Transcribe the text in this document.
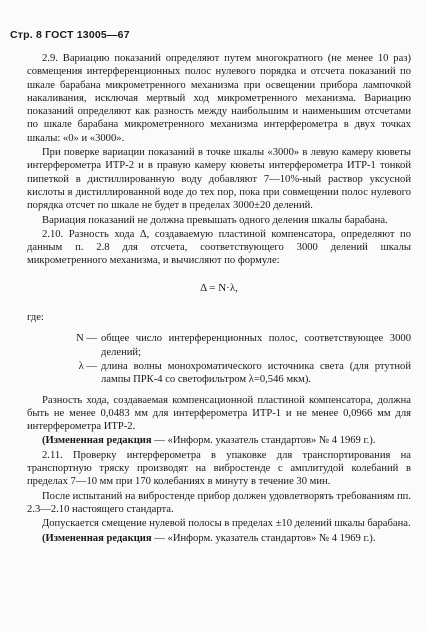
Стр. 8 ГОСТ 13005—67

2.9. Вариацию показаний определяют путем многократного (не менее 10 раз) совмещения интерференционных полос нулевого порядка и отсчета показаний по шкале барабана микрометренного механизма при освещении прибора лампочкой накаливания, исключая мертвый ход микрометренного механизма. Вариацию показаний определяют как разность между наибольшим и наименьшим отсчетами по шкале барабана микрометренного механизма интерферометра в двух точках шкалы: «0» и «3000».

При поверке вариации показаний в точке шкалы «3000» в левую камеру кюветы интерферометра ИТР-2 и в правую камеру кюветы интерферометра ИТР-1 тонкой пипеткой в дистиллированную воду добавляют 7—10%-ный раствор уксусной кислоты в дистиллированной воде до тех пор, пока при совмещении полос нулевого порядка отсчет по шкале не будет в пределах 3000±20 делений.

Вариация показаний не должна превышать одного деления шкалы барабана.

2.10. Разность хода Δ, создаваемую пластиной компенсатора, определяют по данным п. 2.8 для отсчета, соответствующего 3000 делений шкалы микрометренного механизма, и вычисляют по формуле:

Δ = N·λ,
где:
N — общее число интерференционных полос, соответствующее 3000 делений;
λ — длина волны монохроматического источника света (для ртутной лампы ПРК-4 со светофильтром λ=0,546 мкм).

Разность хода, создаваемая компенсационной пластиной компенсатора, должна быть не менее 0,0483 мм для интерферометра ИТР-1 и не менее 0,0966 мм для интерферометра ИТР-2.

(Измененная редакция — «Информ. указатель стандартов» № 4 1969 г.).

2.11. Проверку интерферометра в упаковке для транспортирования на транспортную тряску производят на вибростенде с амплитудой колебаний в пределах 7—10 мм при 170 колебаниях в минуту в течение 30 мин.

После испытаний на вибростенде прибор должен удовлетворять требованиям пп. 2.3—2.10 настоящего стандарта.

Допускается смещение нулевой полосы в пределах ±10 делений шкалы барабана.

(Измененная редакция — «Информ. указатель стандартов» № 4 1969 г.).
